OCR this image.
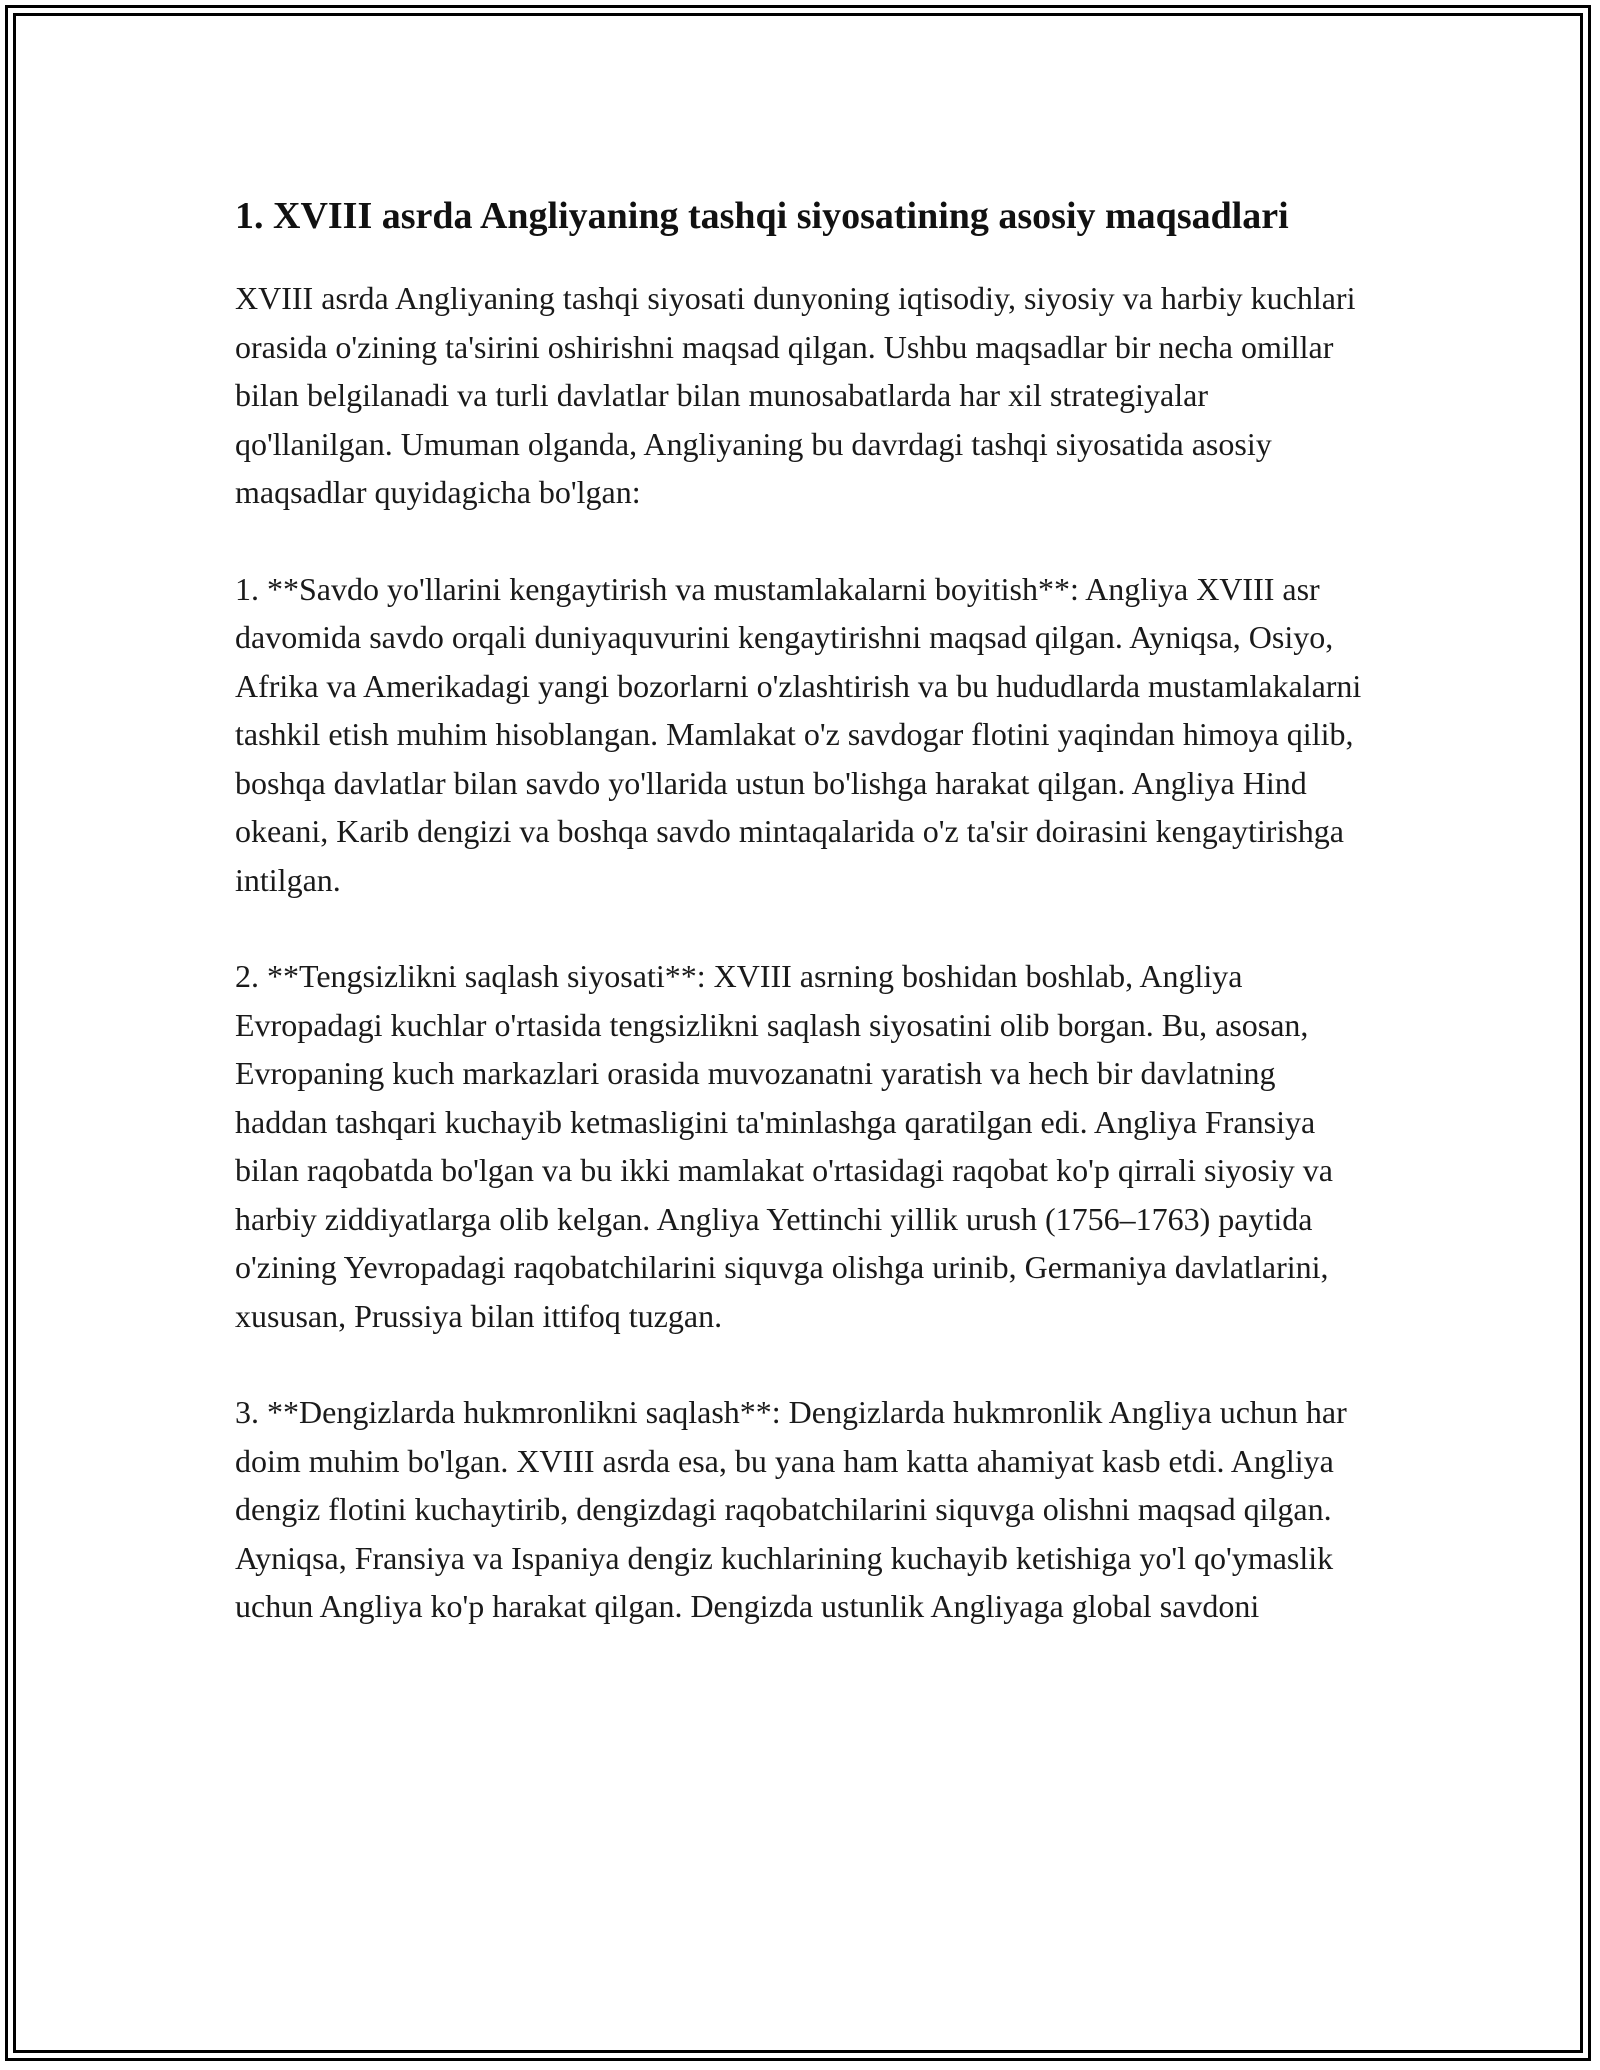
1. XVIII asrda Angliyaning tashqi siyosatining asosiy maqsadlari

XVIII asrda Angliyaning tashqi siyosati dunyoning iqtisodiy, siyosiy va harbiy kuchlari orasida o'zining ta'sirini oshirishni maqsad qilgan. Ushbu maqsadlar bir necha omillar bilan belgilanadi va turli davlatlar bilan munosabatlarda har xil strategiyalar qo'llanilgan. Umuman olganda, Angliyaning bu davrdagi tashqi siyosatida asosiy maqsadlar quyidagicha bo'lgan:

1. **Savdo yo'llarini kengaytirish va mustamlakalarni boyitish**: Angliya XVIII asr davomida savdo orqali duniyaquvurini kengaytirishni maqsad qilgan. Ayniqsa, Osiyo, Afrika va Amerikadagi yangi bozorlarni o'zlashtirish va bu hududlarda mustamlakalarni tashkil etish muhim hisoblangan. Mamlakat o'z savdogar flotini yaqindan himoya qilib, boshqa davlatlar bilan savdo yo'llarida ustun bo'lishga harakat qilgan. Angliya Hind okeani, Karib dengizi va boshqa savdo mintaqalarida o'z ta'sir doirasini kengaytirishga intilgan.

2. **Tengsizlikni saqlash siyosati**: XVIII asrning boshidan boshlab, Angliya Evropadagi kuchlar o'rtasida tengsizlikni saqlash siyosatini olib borgan. Bu, asosan, Evropaning kuch markazlari orasida muvozanatni yaratish va hech bir davlatning haddan tashqari kuchayib ketmasligini ta'minlashga qaratilgan edi. Angliya Fransiya bilan raqobatda bo'lgan va bu ikki mamlakat o'rtasidagi raqobat ko'p qirrali siyosiy va harbiy ziddiyatlarga olib kelgan. Angliya Yettinchi yillik urush (1756–1763) paytida o'zining Yevropadagi raqobatchilarini siquvga olishga urinib, Germaniya davlatlarini, xususan, Prussiya bilan ittifoq tuzgan.

3. **Dengizlarda hukmronlikni saqlash**: Dengizlarda hukmronlik Angliya uchun har doim muhim bo'lgan. XVIII asrda esa, bu yana ham katta ahamiyat kasb etdi. Angliya dengiz flotini kuchaytirib, dengizdagi raqobatchilarini siquvga olishni maqsad qilgan. Ayniqsa, Fransiya va Ispaniya dengiz kuchlarining kuchayib ketishiga yo'l qo'ymaslik uchun Angliya ko'p harakat qilgan. Dengizda ustunlik Angliyaga global savdoni
